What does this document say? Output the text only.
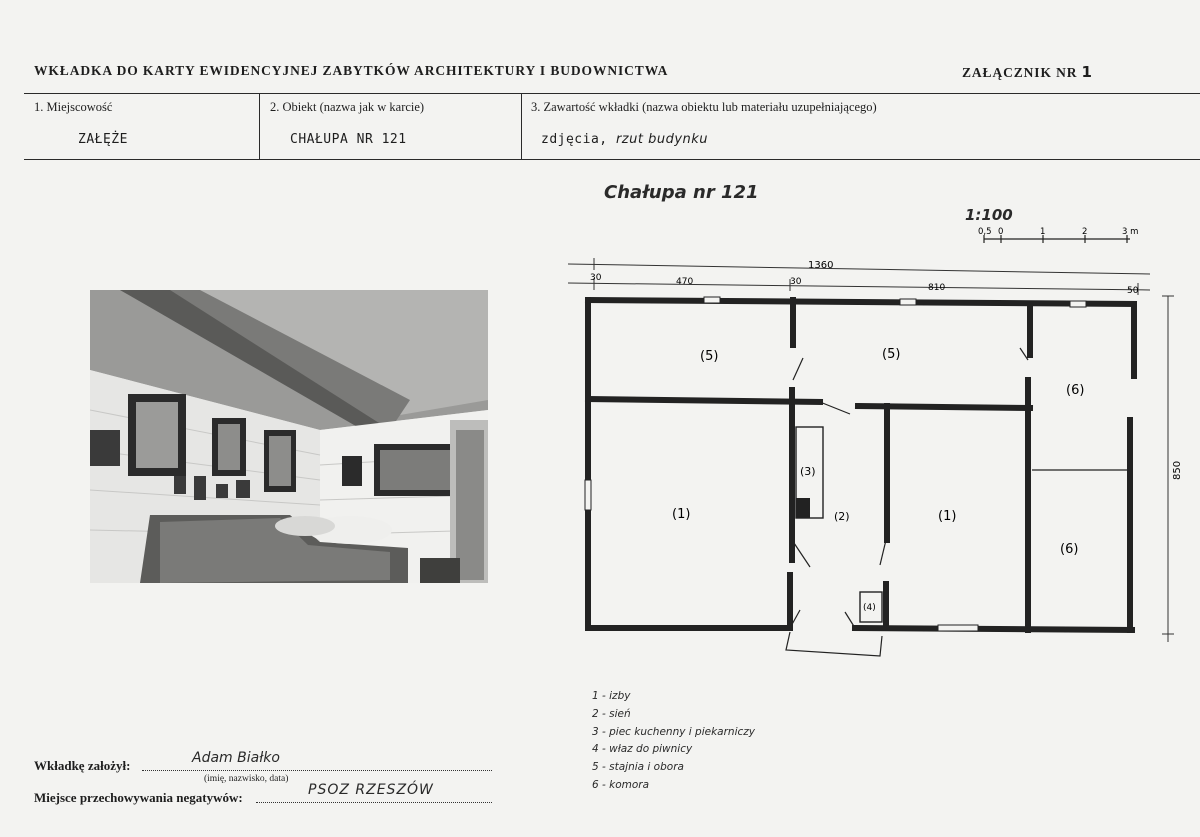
WKŁADKA DO KARTY EWIDENCYJNEJ ZABYTKÓW ARCHITEKTURY I BUDOWNICTWA	ZAŁĄCZNIK NR 1
1. Miejscowość
ZAŁĘŻE
2. Obiekt (nazwa jak w karcie)
CHAŁUPA NR 121
3. Zawartość wkładki (nazwa obiektu lub materiału uzupełniającego)
zdjęcia, rzut budynku
Chałupa nr 121
1:100
0,5 0	1	2	3 m
1360
30	470	30
810	50
850
(5)	(5)
(6)
(1)
(3)
(2)	(1)
(6)
(4)
1 - izby
2 - sień
3 - piec kuchenny i piekarniczy
4 - właz do piwnicy
5 - stajnia i obora
6 - komora
Wkładkę założył:	Adam Białko
(imię, nazwisko, data)
Miejsce przechowywania negatywów:	PSOZ RZESZÓW
